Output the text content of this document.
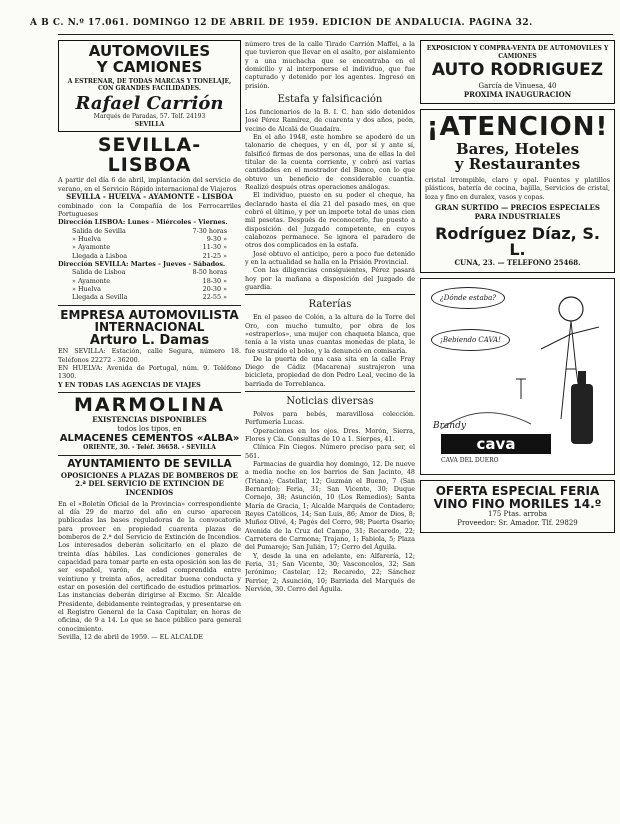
A B C. N.º 17.061. DOMINGO 12 DE ABRIL DE 1959. EDICION DE ANDALUCIA. PAGINA 32.
AUTOMOVILES
Y CAMIONES
A ESTRENAR, DE TODAS MARCAS Y TONELAJE, CON GRANDES FACILIDADES.
Rafael Carrión
Marqués de Paradas, 57. Telf. 24193
SEVILLA
SEVILLA-LISBOA
A partir del día 6 de abril, implantación del servicio de verano, en el Servicio Rápido internacional de Viajeros
SEVILLA - HUELVA - AYAMONTE - LISBOA
combinado con la Compañía de los Ferrocarriles Portugueses
Dirección LISBOA: Lunes - Miércoles - Viernes.
Salida de Sevilla	7-30 horas
» Huelva	9-30 »
» Ayamonte	11-30 »
Llegada a Lisboa	21-25 »
Dirección SEVILLA: Martes - Jueves - Sábados.
Salida de Lisboa	8-50 horas
» Ayamonte	18-30 »
» Huelva	20-30 »
Llegada a Sevilla	22-55 »
EMPRESA AUTOMOVILISTA
INTERNACIONAL
Arturo L. Damas
EN SEVILLA: Estación, calle Segura, número 18. Teléfonos 22272 - 36200.
EN HUELVA: Avenida de Portugal, núm. 9. Teléfono 1300.
Y EN TODAS LAS AGENCIAS DE VIAJES
MARMOLINA
EXISTENCIAS DISPONIBLES
todos los tipos, en
ALMACENES CEMENTOS «ALBA»
ORIENTE, 30. - Teléf. 36658. - SEVILLA
AYUNTAMIENTO DE SEVILLA
OPOSICIONES A PLAZAS DE BOMBEROS DE 2.ª DEL SERVICIO DE EXTINCION DE INCENDIOS
En el «Boletín Oficial de la Provincia» correspondiente al día 29 de marzo del año en curso aparecen publicadas las bases reguladoras de la convocatoria para proveer en propiedad cuarenta plazas de bomberos de 2.ª del Servicio de Extinción de Incendios. Los interesados deberán solicitarlo en el plazo de treinta días hábiles. Las condiciones generales de capacidad para tomar parte en esta oposición son las de ser español, varón, de edad comprendida entre veintiuno y treinta años, acreditar buena conducta y estar en posesión del certificado de estudios primarios. Las instancias deberán dirigirse al Excmo. Sr. Alcalde Presidente, debidamente reintegradas, y presentarse en el Registro General de la Casa Capitular, en horas de oficina, de 9 a 14. Lo que se hace público para general conocimiento.
Sevilla, 12 de abril de 1959. — EL ALCALDE
número tres de la calle Tirado Carrión Maffei, a la que tuvieron que llevar en el asalto, por aislamiento y a una muchacha que se encontraba en el domicilio y al interponerse el individuo, que fue capturado y detenido por los agentes. Ingresó en prisión.
Estafa y falsificación
Los funcionarios de la B. I. C. han sido detenidos José Pérez Ramírez, de cuarenta y dos años, peón, vecino de Alcalá de Guadaíra.
En el año 1948, este hombre se apoderó de un talonario de cheques, y en él, por sí y ante sí, falsificó firmas de dos personas, una de ellas la del titular de la cuenta corriente, y cobró así varias cantidades en el mostrador del Banco, con lo que obtuvo un beneficio de considerable cuantía. Realizó después otras operaciones análogas.
El individuo, puesto en su poder el cheque, ha declarado hasta el día 21 del pasado mes, en que cobró el último, y por un importe total de unas cien mil pesetas. Después de reconocerlo, fue puesto a disposición del Juzgado competente, en cuyos calabozos permanece. Se ignora el paradero de otros dos complicados en la estafa.
José obtuvo el anticipo, pero a poco fue detenido y en la actualidad se halla en la Prisión Provincial.
Con las diligencias consiguientes, Pérez pasará hoy por la mañana a disposición del Juzgado de guardia.
Raterías
En el paseo de Colón, a la altura de la Torre del Oro, con mucho tumulto, por obra de los «estraperlos», una mujer con chaqueta blanca, que tenía a la vista unas cuantas monedas de plata, le fue sustraído el bolso, y la denunció en comisaría.
De la puerta de una casa sita en la calle Fray Diego de Cádiz (Macarena) sustrajeron una bicicleta, propiedad de don Pedro Leal, vecino de la barriada de Torreblanca.
Noticias diversas
Polvos para bebés, maravillosa colección. Perfumería Lucas.
Operaciones en los ojos. Dres. Morón, Sierra, Flores y Cía. Consultas de 10 a 1. Sierpes, 41.
Clínica Fin Ciegos. Número preciso para ser, el 561.
Farmacias de guardia hoy domingo, 12. De nueve a media noche en los barrios de San Jacinto, 48 (Triana); Castellar, 12; Guzmán el Bueno, 7 (San Bernardo); Feria, 31; San Vicente, 30; Duque Cornejo, 38; Asunción, 10 (Los Remedios); Santa María de Gracia, 1; Alcalde Marqués de Contadero; Reyes Católicos, 14; San Luis, 86; Amor de Dios, 8; Muñoz Olivé, 4; Pagés del Corro, 98; Puerta Osario; Avenida de la Cruz del Campo, 31; Recaredo, 22; Carretera de Carmona; Trajano, 1; Fabiola, 5; Plaza del Pumarejo; San Julián, 17; Cerro del Águila.
Y, desde la una en adelante, en: Alfarería, 12; Feria, 31; San Vicente, 30; Vasconcelos, 32; San Jerónimo; Castelar, 12; Recaredo, 22; Sánchez Perrier, 2; Asunción, 10; Barriada del Marqués de Nervión, 30. Cerro del Águila.
EXPOSICION Y COMPRA-VENTA DE AUTOMOVILES Y CAMIONES
AUTO RODRIGUEZ
García de Vinuesa, 40
PROXIMA INAUGURACION
¡ATENCION!
Bares, Hoteles
y Restaurantes
cristal irrompible, claro y opal. Fuentes y platillos plásticos, batería de cocina, bajilla, Servicios de cristal, loza y fino en duralex, vasos y copas.
GRAN SURTIDO — PRECIOS ESPECIALES PARA INDUSTRIALES
Rodríguez Díaz, S. L.
CUNA, 23. — TELEFONO 25468.
¿Dónde estaba?
¡Bebiendo CAVA!
Brandy
cava
CAVA DEL DUERO
OFERTA ESPECIAL FERIA
VINO FINO MORILES 14.º
175 Ptas. arroba
Proveedor: Sr. Amador. Tlf. 29829
